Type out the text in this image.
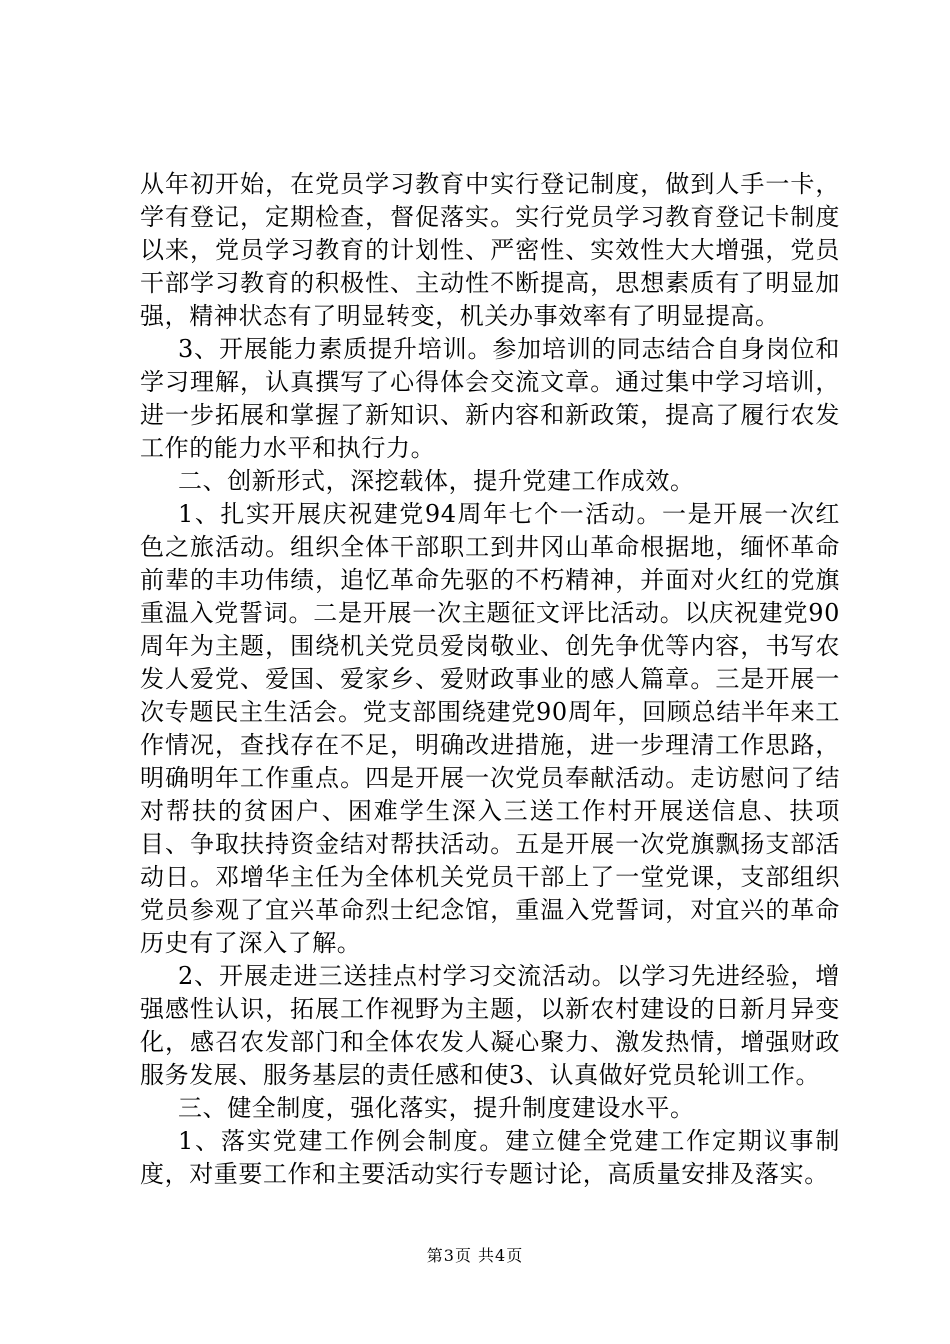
从年初开始，在党员学习教育中实行登记制度，做到人手一卡，学有登记，定期检查，督促落实。实行党员学习教育登记卡制度以来，党员学习教育的计划性、严密性、实效性大大增强，党员干部学习教育的积极性、主动性不断提高，思想素质有了明显加强，精神状态有了明显转变，机关办事效率有了明显提高。

3、开展能力素质提升培训。参加培训的同志结合自身岗位和学习理解，认真撰写了心得体会交流文章。通过集中学习培训，进一步拓展和掌握了新知识、新内容和新政策，提高了履行农发工作的能力水平和执行力。

二、创新形式，深挖载体，提升党建工作成效。

1、扎实开展庆祝建党94周年七个一活动。一是开展一次红色之旅活动。组织全体干部职工到井冈山革命根据地，缅怀革命前辈的丰功伟绩，追忆革命先驱的不朽精神，并面对火红的党旗重温入党誓词。二是开展一次主题征文评比活动。以庆祝建党90周年为主题，围绕机关党员爱岗敬业、创先争优等内容，书写农发人爱党、爱国、爱家乡、爱财政事业的感人篇章。三是开展一次专题民主生活会。党支部围绕建党90周年，回顾总结半年来工作情况，查找存在不足，明确改进措施，进一步理清工作思路，明确明年工作重点。四是开展一次党员奉献活动。走访慰问了结对帮扶的贫困户、困难学生深入三送工作村开展送信息、扶项目、争取扶持资金结对帮扶活动。五是开展一次党旗飘扬支部活动日。邓增华主任为全体机关党员干部上了一堂党课，支部组织党员参观了宜兴革命烈士纪念馆，重温入党誓词，对宜兴的革命历史有了深入了解。

2、开展走进三送挂点村学习交流活动。以学习先进经验，增强感性认识，拓展工作视野为主题，以新农村建设的日新月异变化，感召农发部门和全体农发人凝心聚力、激发热情，增强财政服务发展、服务基层的责任感和使3、认真做好党员轮训工作。

三、健全制度，强化落实，提升制度建设水平。

1、落实党建工作例会制度。建立健全党建工作定期议事制度，对重要工作和主要活动实行专题讨论，高质量安排及落实。

第3页 共4页
